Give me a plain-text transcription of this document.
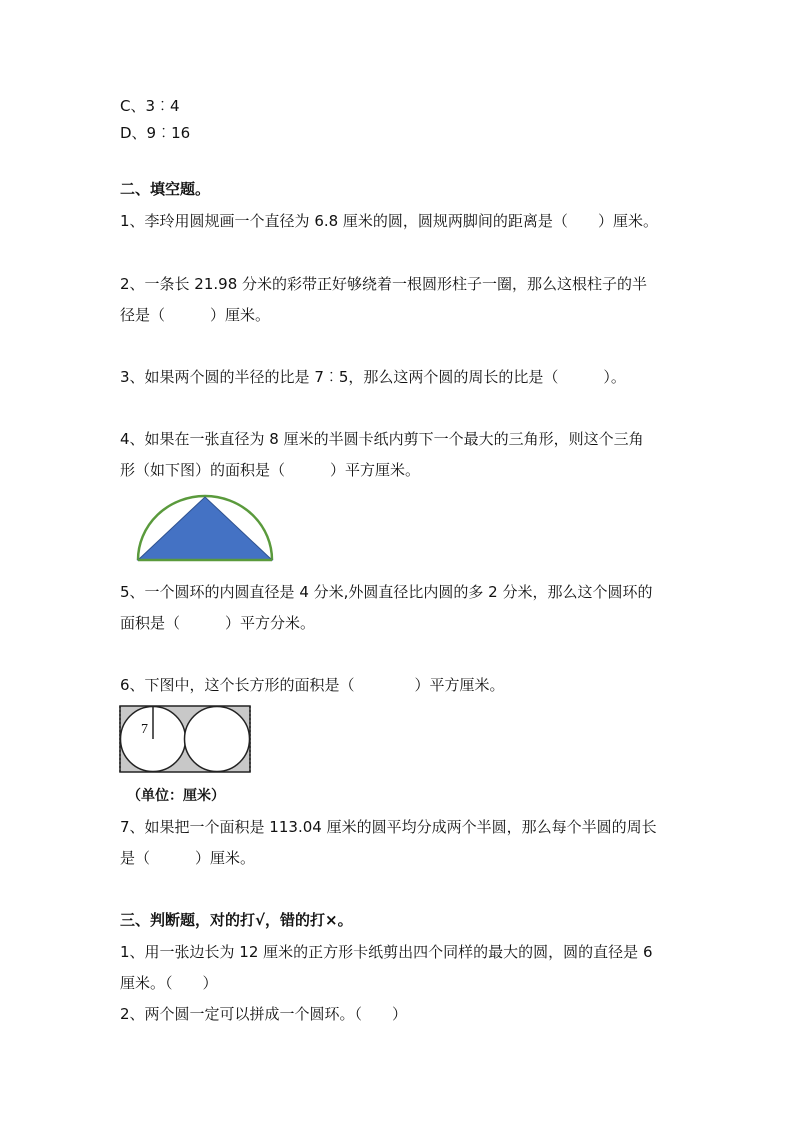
C、3︰4
D、9︰16
二、填空题。
1、李玲用圆规画一个直径为 6.8 厘米的圆，圆规两脚间的距离是（　　）厘米。
2、一条长 21.98 分米的彩带正好够绕着一根圆形柱子一圈，那么这根柱子的半
径是（　　　）厘米。
3、如果两个圆的半径的比是 7︰5，那么这两个圆的周长的比是（　　　）。
4、如果在一张直径为 8 厘米的半圆卡纸内剪下一个最大的三角形，则这个三角
形（如下图）的面积是（　　　）平方厘米。
5、一个圆环的内圆直径是 4 分米,外圆直径比内圆的多 2 分米，那么这个圆环的
面积是（　　　）平方分米。
6、下图中，这个长方形的面积是（　　　　）平方厘米。
7
（单位：厘米）
7、如果把一个面积是 113.04 厘米的圆平均分成两个半圆，那么每个半圆的周长
是（　　　）厘米。
三、判断题，对的打√，错的打×。
1、用一张边长为 12 厘米的正方形卡纸剪出四个同样的最大的圆，圆的直径是 6
厘米。（　　）
2、两个圆一定可以拼成一个圆环。（　　）
